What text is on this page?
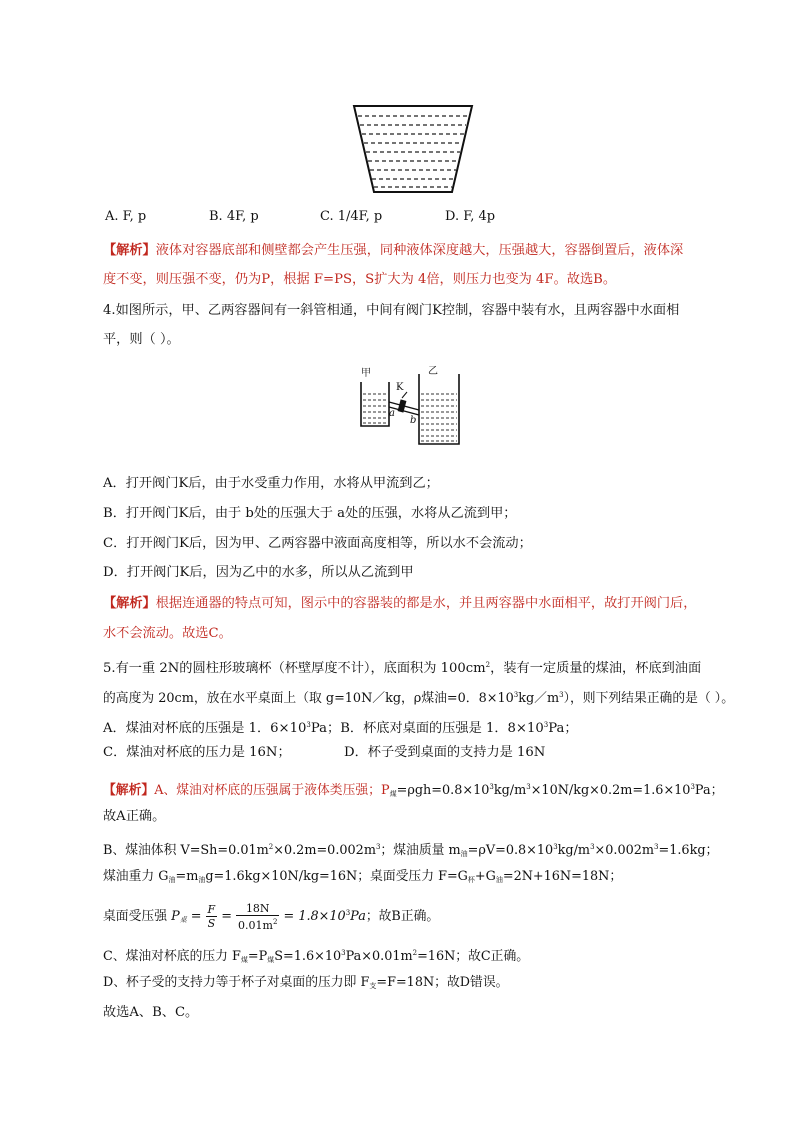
A. F, p	B. 4F, p	C. 1/4F, p	D. F, 4p
【解析】液体对容器底部和侧壁都会产生压强，同种液体深度越大，压强越大，容器倒置后，液体深
度不变，则压强不变，仍为P，根据 F=PS，S扩大为 4倍，则压力也变为 4F。故选B。
4.如图所示，甲、乙两容器间有一斜管相通，中间有阀门K控制，容器中装有水，且两容器中水面相
平，则（ ）。
甲	乙
K
a
b
A．打开阀门K后，由于水受重力作用，水将从甲流到乙；
B．打开阀门K后，由于 b处的压强大于 a处的压强，水将从乙流到甲；
C．打开阀门K后，因为甲、乙两容器中液面高度相等，所以水不会流动；
D．打开阀门K后，因为乙中的水多，所以从乙流到甲
【解析】根据连通器的特点可知，图示中的容器装的都是水，并且两容器中水面相平，故打开阀门后，
水不会流动。故选C。
5.有一重 2N的圆柱形玻璃杯（杯壁厚度不计），底面积为 $100cm^2$，装有一定质量的煤油，杯底到油面
的高度为 20cm，放在水平桌面上（取 g=10N／kg，ρ煤油=0．$8\times 10^3kg/m^3$），则下列结果正确的是（ ）。
A．煤油对杯底的压强是 1．$6\times 10^3Pa$；B．杯底对桌面的压强是 1．$8\times 10^3Pa$；
C．煤油对杯底的压力是 16N；	D．杯子受到桌面的支持力是 16N
【解析】A、煤油对杯底的压强属于液体类压强；$P_煤=\rho gh=0.8\times 10^3kg/m^3\times 10N/kg\times 0.2m=1.6\times 10^3Pa$；
故A正确。
B、煤油体积 $V=Sh=0.01m^2\times 0.2m=0.002m^3$；煤油质量 $m_油=\rho V=0.8\times 10^3kg/m^3\times 0.002m^3=1.6kg$；
煤油重力 $G_油=m_油g=1.6kg\times 10N/kg=16N$；桌面受压力 $F=G_杯+G_油=2N+16N=18N$；
桌面受压强 $P_桌 = \frac{F}{S} = \frac{18N}{0.01m^2} = 1.8\times 10^3Pa$；故B正确。
C、煤油对杯底的压力 $F_煤=P_煤S=1.6\times 10^3Pa\times 0.01m^2=16N$；故C正确。
D、杯子受的支持力等于杯子对桌面的压力即 $F_支=F=18N$；故D错误。
故选A、B、C。
